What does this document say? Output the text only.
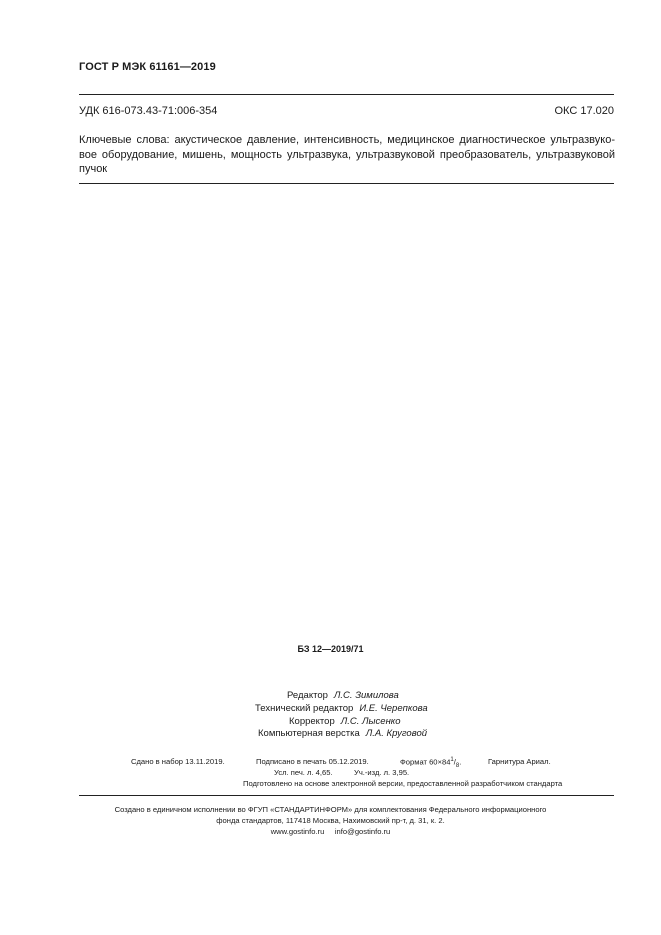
ГОСТ Р МЭК 61161—2019
УДК 616-073.43-71:006-354	ОКС 17.020
Ключевые слова: акустическое давление, интенсивность, медицинское диагностическое ультразвуко-вое оборудование, мишень, мощность ультразвука, ультразвуковой преобразователь, ультразвуковой пучок
БЗ 12—2019/71
Редактор Л.С. Зимилова
Технический редактор И.Е. Черепкова
Корректор Л.С. Лысенко
Компьютерная верстка Л.А. Круговой
Сдано в набор 13.11.2019.	Подписано в печать 05.12.2019.	Формат $60\times 84^1/_8$.	Гарнитура Ариал.
Усл. печ. л. 4,65.	Уч.-изд. л. 3,95.
Подготовлено на основе электронной версии, предоставленной разработчиком стандарта
Создано в единичном исполнении во ФГУП «СТАНДАРТИНФОРМ» для комплектования Федерального информационного
фонда стандартов, 117418 Москва, Нахимовский пр-т, д. 31, к. 2.
www.gostinfo.ru info@gostinfo.ru
